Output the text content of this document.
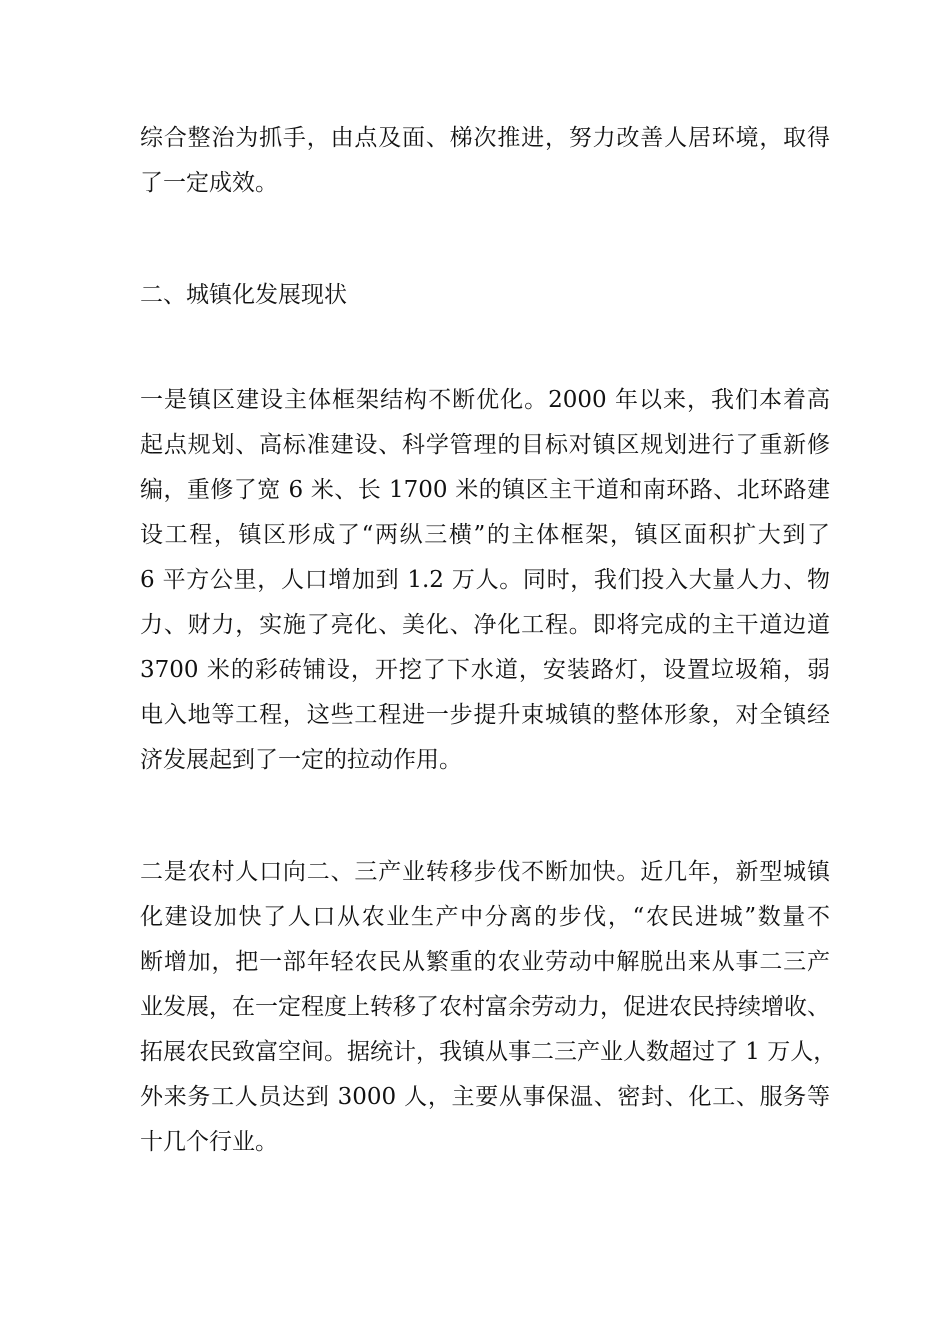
综合整治为抓手，由点及面、梯次推进，努力改善人居环境，取得
了一定成效。
二、城镇化发展现状
一是镇区建设主体框架结构不断优化。2000 年以来，我们本着高
起点规划、高标准建设、科学管理的目标对镇区规划进行了重新修
编，重修了宽 6 米、长 1700 米的镇区主干道和南环路、北环路建
设工程，镇区形成了“两纵三横”的主体框架，镇区面积扩大到了
6 平方公里，人口增加到 1.2 万人。同时，我们投入大量人力、物
力、财力，实施了亮化、美化、净化工程。即将完成的主干道边道
3700 米的彩砖铺设，开挖了下水道，安装路灯，设置垃圾箱，弱
电入地等工程，这些工程进一步提升束城镇的整体形象，对全镇经
济发展起到了一定的拉动作用。
二是农村人口向二、三产业转移步伐不断加快。近几年，新型城镇
化建设加快了人口从农业生产中分离的步伐，“农民进城”数量不
断增加，把一部年轻农民从繁重的农业劳动中解脱出来从事二三产
业发展，在一定程度上转移了农村富余劳动力，促进农民持续增收、
拓展农民致富空间。据统计，我镇从事二三产业人数超过了 1 万人，
外来务工人员达到 3000 人，主要从事保温、密封、化工、服务等
十几个行业。
